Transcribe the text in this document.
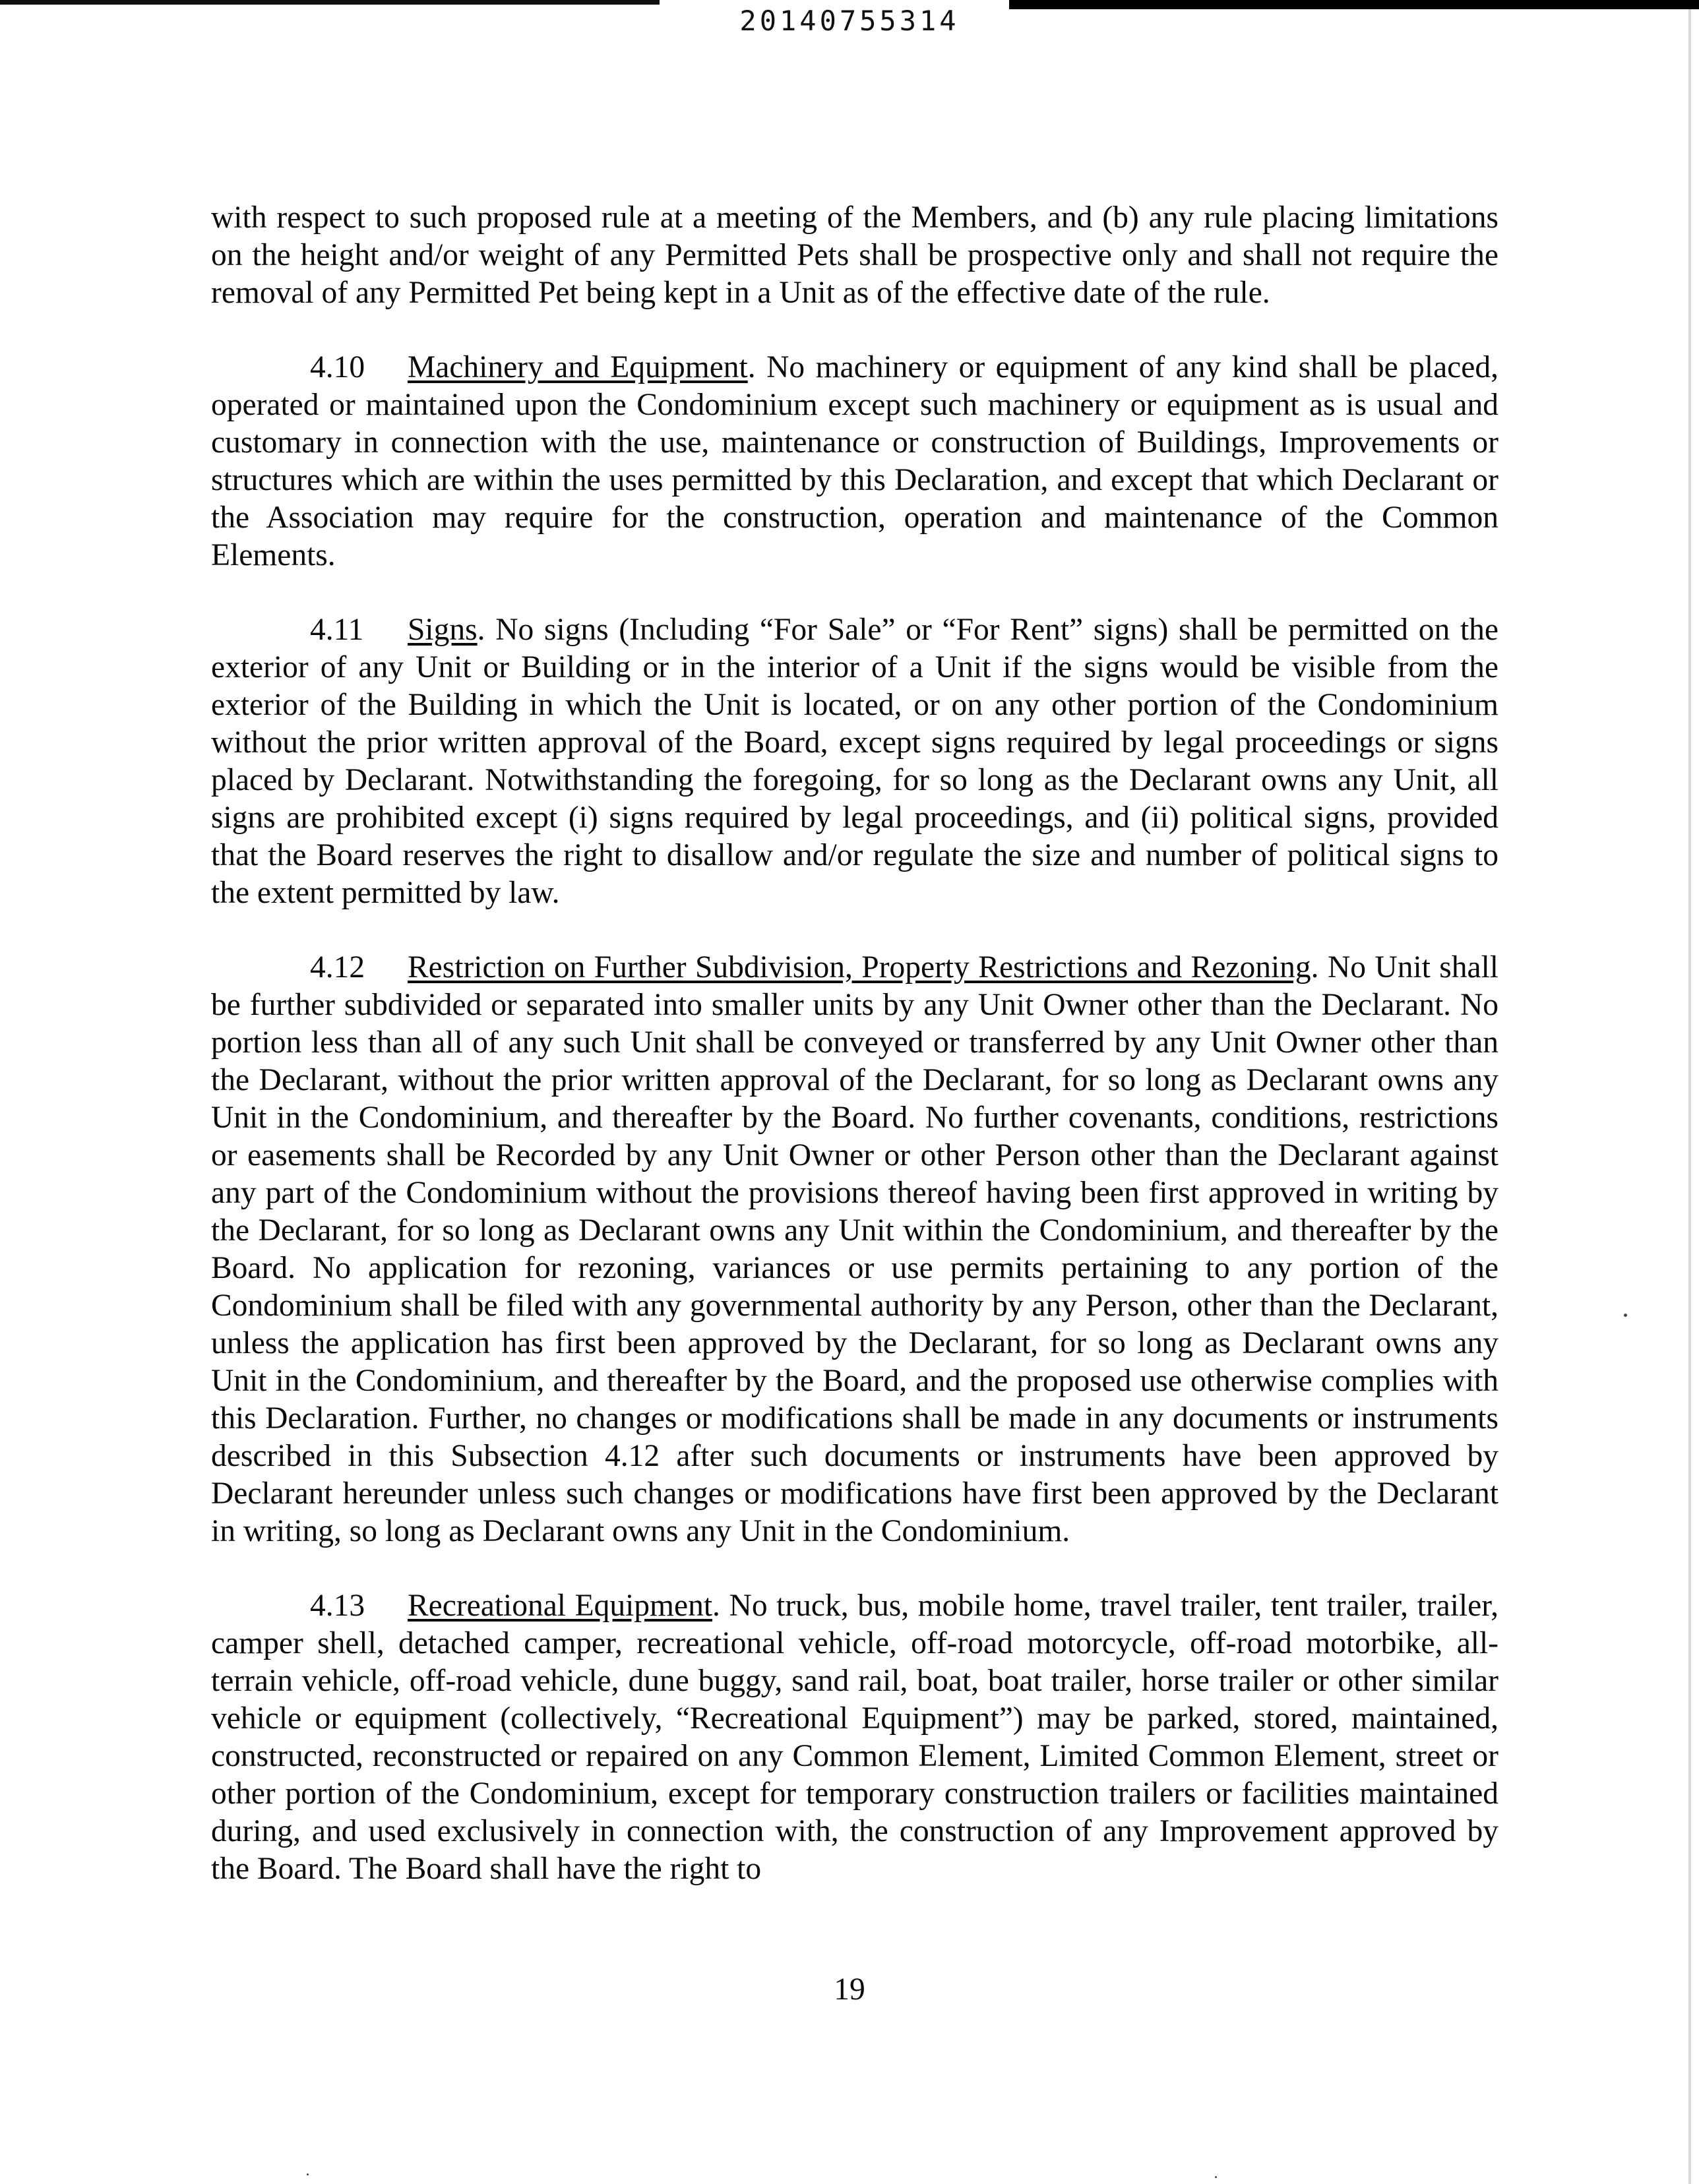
20140755314

with respect to such proposed rule at a meeting of the Members, and (b) any rule placing limitations on the height and/or weight of any Permitted Pets shall be prospective only and shall not require the removal of any Permitted Pet being kept in a Unit as of the effective date of the rule.

4.10 Machinery and Equipment. No machinery or equipment of any kind shall be placed, operated or maintained upon the Condominium except such machinery or equipment as is usual and customary in connection with the use, maintenance or construction of Buildings, Improvements or structures which are within the uses permitted by this Declaration, and except that which Declarant or the Association may require for the construction, operation and maintenance of the Common Elements.

4.11 Signs. No signs (Including “For Sale” or “For Rent” signs) shall be permitted on the exterior of any Unit or Building or in the interior of a Unit if the signs would be visible from the exterior of the Building in which the Unit is located, or on any other portion of the Condominium without the prior written approval of the Board, except signs required by legal proceedings or signs placed by Declarant. Notwithstanding the foregoing, for so long as the Declarant owns any Unit, all signs are prohibited except (i) signs required by legal proceedings, and (ii) political signs, provided that the Board reserves the right to disallow and/or regulate the size and number of political signs to the extent permitted by law.

4.12 Restriction on Further Subdivision, Property Restrictions and Rezoning. No Unit shall be further subdivided or separated into smaller units by any Unit Owner other than the Declarant. No portion less than all of any such Unit shall be conveyed or transferred by any Unit Owner other than the Declarant, without the prior written approval of the Declarant, for so long as Declarant owns any Unit in the Condominium, and thereafter by the Board. No further covenants, conditions, restrictions or easements shall be Recorded by any Unit Owner or other Person other than the Declarant against any part of the Condominium without the provisions thereof having been first approved in writing by the Declarant, for so long as Declarant owns any Unit within the Condominium, and thereafter by the Board. No application for rezoning, variances or use permits pertaining to any portion of the Condominium shall be filed with any governmental authority by any Person, other than the Declarant, unless the application has first been approved by the Declarant, for so long as Declarant owns any Unit in the Condominium, and thereafter by the Board, and the proposed use otherwise complies with this Declaration. Further, no changes or modifications shall be made in any documents or instruments described in this Subsection 4.12 after such documents or instruments have been approved by Declarant hereunder unless such changes or modifications have first been approved by the Declarant in writing, so long as Declarant owns any Unit in the Condominium.

4.13 Recreational Equipment. No truck, bus, mobile home, travel trailer, tent trailer, trailer, camper shell, detached camper, recreational vehicle, off-road motorcycle, off-road motorbike, all-terrain vehicle, off-road vehicle, dune buggy, sand rail, boat, boat trailer, horse trailer or other similar vehicle or equipment (collectively, “Recreational Equipment”) may be parked, stored, maintained, constructed, reconstructed or repaired on any Common Element, Limited Common Element, street or other portion of the Condominium, except for temporary construction trailers or facilities maintained during, and used exclusively in connection with, the construction of any Improvement approved by the Board. The Board shall have the right to

19
